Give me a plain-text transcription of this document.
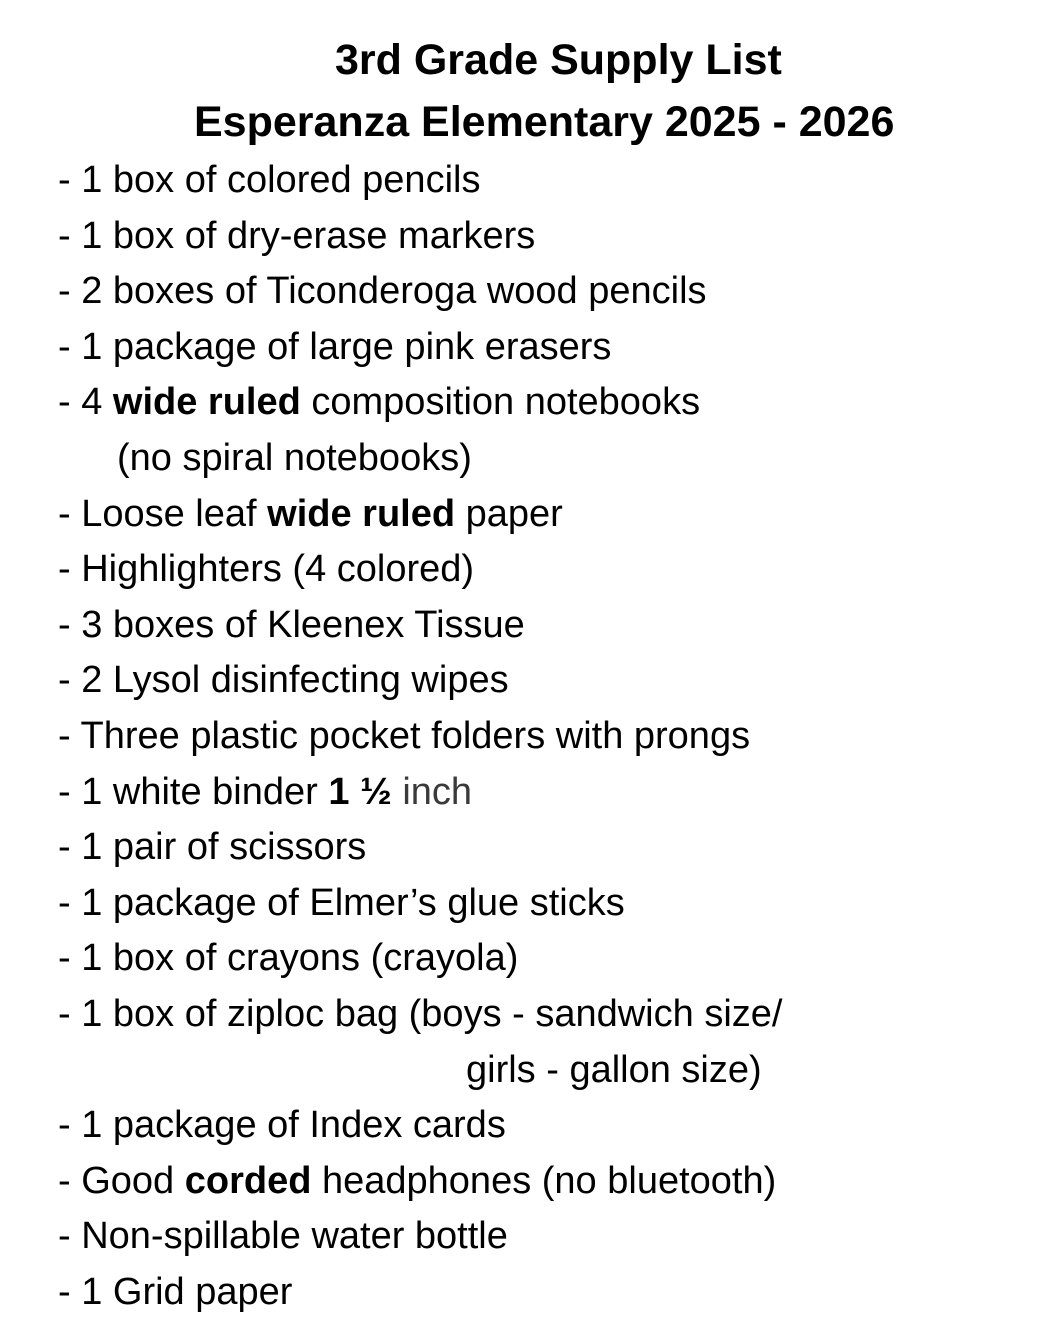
3rd Grade Supply List
Esperanza Elementary 2025 - 2026
- 1 box of colored pencils
- 1 box of dry-erase markers
- 2 boxes of Ticonderoga wood pencils
- 1 package of large pink erasers
- 4 wide ruled composition notebooks
(no spiral notebooks)
- Loose leaf wide ruled paper
- Highlighters (4 colored)
- 3 boxes of Kleenex Tissue
- 2 Lysol disinfecting wipes
- Three plastic pocket folders with prongs
- 1 white binder 1 ½ inch
- 1 pair of scissors
- 1 package of Elmer’s glue sticks
- 1 box of crayons (crayola)
- 1 box of ziploc bag (boys - sandwich size/
girls - gallon size)
- 1 package of Index cards
- Good corded headphones (no bluetooth)
- Non-spillable water bottle
- 1 Grid paper
